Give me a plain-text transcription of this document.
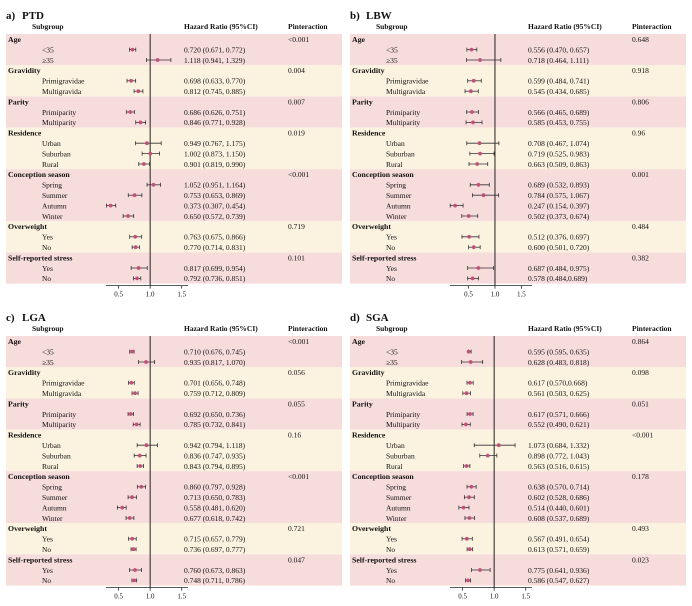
a) PTD
Subgroup	Hazard Ratio (95%CI)	Pinteraction
Age	<0.001
<35	0.720 (0.671, 0.772)
≥35	1.118 (0.941, 1.329)
Gravidity	0.004
Primigravidae	0.698 (0.633, 0.770)
Multigravida	0.812 (0.745, 0.885)
Parity	0.007
Primiparity	0.686 (0.626, 0.751)
Multiparity	0.846 (0.771, 0.928)
Residence	0.019
Urban	0.949 (0.767, 1.175)
Suburban	1.002 (0.873, 1.150)
Rural	0.901 (0.819, 0.990)
Conception season	<0.001
Spring	1.052 (0.951, 1.164)
Summer	0.753 (0.653, 0.869)
Autumn	0.373 (0.307, 0.454)
Winter	0.650 (0.572, 0.739)
Overweight	0.719
Yes	0.763 (0.675, 0.866)
No	0.770 (0.714, 0.831)
Self-reported stress	0.101
Yes	0.817 (0.699, 0.954)
No	0.792 (0.736, 0.851)
0.5	1.0	1.5
b) LBW
Subgroup	Hazard Ratio (95%CI)	Pinteraction
Age	0.648
<35	0.556 (0.470, 0.657)
≥35	0.718 (0.464, 1.111)
Gravidity	0.918
Primigravidae	0.599 (0.484, 0.741)
Multigravida	0.545 (0.434, 0.685)
Parity	0.806
Primiparity	0.566 (0.465, 0.689)
Multiparity	0.585 (0.453, 0.755)
Residence	0.96
Urban	0.708 (0.467, 1.074)
Suburban	0.719 (0.525, 0.983)
Rural	0.663 (0.509, 0.863)
Conception season	0.001
Spring	0.689 (0.532, 0.893)
Summer	0.784 (0.575, 1.067)
Autumn	0.247 (0.154, 0.397)
Winter	0.502 (0.373, 0.674)
Overweight	0.484
Yes	0.512 (0.376, 0.697)
No	0.600 (0.501, 0.720)
Self-reported stress	0.382
Yes	0.687 (0.484, 0.975)
No	0.578 (0.484,0.689)
0.5	1.0	1.5
c) LGA
Subgroup	Hazard Ratio (95%CI)	Pinteraction
Age	<0.001
<35	0.710 (0.676, 0.745)
≥35	0.935 (0.817, 1.070)
Gravidity	0.056
Primigravidae	0.701 (0.656, 0.748)
Multigravida	0.759 (0.712, 0.809)
Parity	0.055
Primiparity	0.692 (0.650, 0.736)
Multiparity	0.785 (0.732, 0.841)
Residence	0.16
Urban	0.942 (0.794, 1.118)
Suburban	0.836 (0.747, 0.935)
Rural	0.843 (0.794, 0.895)
Conception season	<0.001
Spring	0.860 (0.797, 0.928)
Summer	0.713 (0.650, 0.783)
Autumn	0.558 (0.481, 0.620)
Winter	0.677 (0.618, 0.742)
Overweight	0.721
Yes	0.715 (0.657, 0.779)
No	0.736 (0.697, 0.777)
Self-reported stress	0.047
Yes	0.760 (0.673, 0.863)
No	0.748 (0.711, 0.786)
0.5	1.0	1.5
d) SGA
Subgroup	Hazard Ratio (95%CI)	Pinteraction
Age	0.864
<35	0.595 (0.595, 0.635)
≥35	0.628 (0.483, 0.818)
Gravidity	0.098
Primigravidae	0.617 (0.570,0.668)
Multigravida	0.561 (0.503, 0.625)
Parity	0.051
Primiparity	0.617 (0.571, 0.666)
Multiparity	0.552 (0.490, 0.621)
Residence	<0.001
Urban	1.073 (0.684, 1.332)
Suburban	0.898 (0.772, 1.043)
Rural	0.563 (0.516, 0.615)
Conception season	0.178
Spring	0.638 (0.570, 0.714)
Summer	0.602 (0.528, 0.686)
Autumn	0.514 (0.440, 0.601)
Winter	0.608 (0.537, 0.689)
Overweight	0.493
Yes	0.567 (0.491, 0.654)
No	0.613 (0.571, 0.659)
Self-reported stress	0.023
Yes	0.775 (0.641, 0.936)
No	0.586 (0.547, 0.627)
0.5	1.0	1.5
